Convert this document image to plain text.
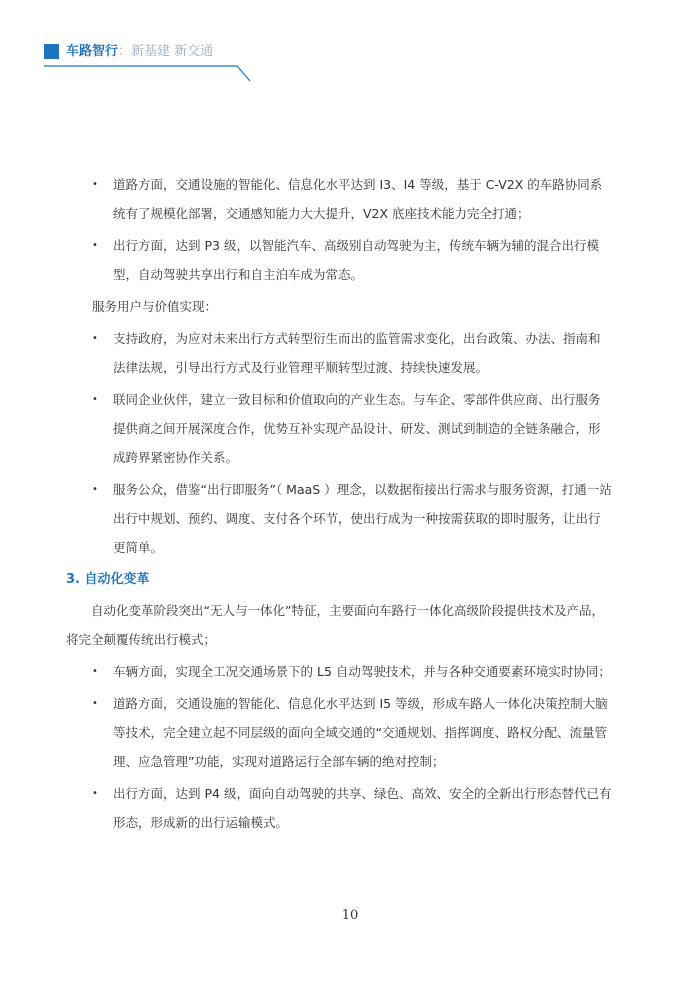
车路智行：新基建 新交通
• 道路方面，交通设施的智能化、信息化水平达到 I3、I4 等级，基于 C-V2X 的车路协同系统有了规模化部署，交通感知能力大大提升，V2X 底座技术能力完全打通；
• 出行方面，达到 P3 级，以智能汽车、高级别自动驾驶为主，传统车辆为辅的混合出行模型，自动驾驶共享出行和自主泊车成为常态。
服务用户与价值实现：
• 支持政府，为应对未来出行方式转型衍生而出的监管需求变化，出台政策、办法、指南和法律法规，引导出行方式及行业管理平顺转型过渡、持续快速发展。
• 联同企业伙伴，建立一致目标和价值取向的产业生态。与车企、零部件供应商、出行服务提供商之间开展深度合作，优势互补实现产品设计、研发、测试到制造的全链条融合，形成跨界紧密协作关系。
• 服务公众，借鉴“出行即服务”（ MaaS ）理念，以数据衔接出行需求与服务资源，打通一站出行中规划、预约、调度、支付各个环节，使出行成为一种按需获取的即时服务，让出行更简单。
3. 自动化变革
自动化变革阶段突出“无人与一体化”特征，主要面向车路行一体化高级阶段提供技术及产品，将完全颠覆传统出行模式；
• 车辆方面，实现全工况交通场景下的 L5 自动驾驶技术，并与各种交通要素环境实时协同；
• 道路方面，交通设施的智能化、信息化水平达到 I5 等级，形成车路人一体化决策控制大脑等技术，完全建立起不同层级的面向全域交通的“交通规划、指挥调度、路权分配、流量管理、应急管理”功能，实现对道路运行全部车辆的绝对控制；
• 出行方面，达到 P4 级，面向自动驾驶的共享、绿色、高效、安全的全新出行形态替代已有形态，形成新的出行运输模式。
10
